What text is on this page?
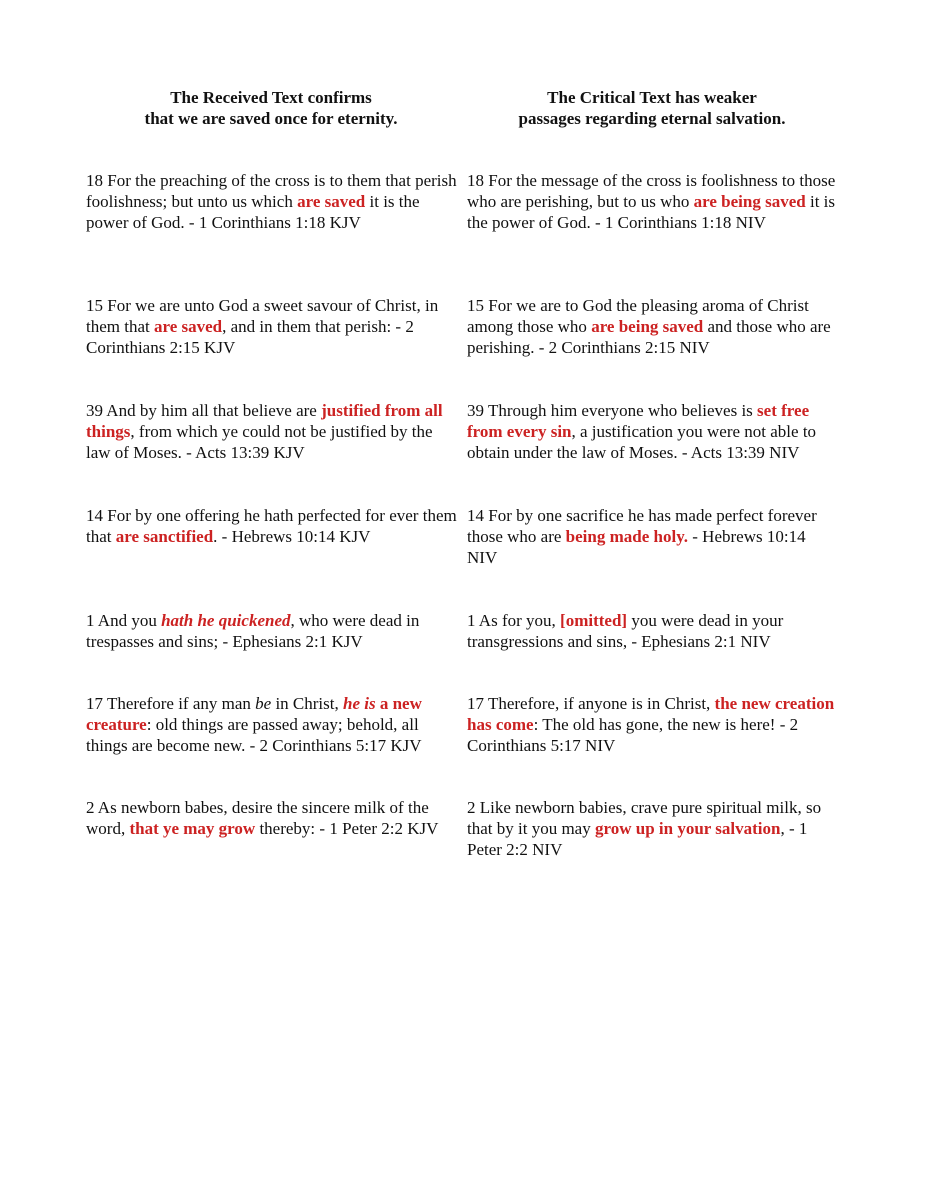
The Received Text confirms
that we are saved once for eternity.
The Critical Text has weaker
passages regarding eternal salvation.
18 For the preaching of the cross is to them that perish foolishness; but unto us which are saved it is the power of God. - 1 Corinthians 1:18 KJV
18 For the message of the cross is foolishness to those who are perishing, but to us who are being saved it is the power of God. - 1 Corinthians 1:18 NIV
15 For we are unto God a sweet savour of Christ, in them that are saved, and in them that perish: - 2 Corinthians 2:15 KJV
15 For we are to God the pleasing aroma of Christ among those who are being saved and those who are perishing. - 2 Corinthians 2:15 NIV
39 And by him all that believe are justified from all things, from which ye could not be justified by the law of Moses. - Acts 13:39 KJV
39 Through him everyone who believes is set free from every sin, a justification you were not able to obtain under the law of Moses. - Acts 13:39 NIV
14 For by one offering he hath perfected for ever them that are sanctified. - Hebrews 10:14 KJV
14 For by one sacrifice he has made perfect forever those who are being made holy. - Hebrews 10:14 NIV
1 And you hath he quickened, who were dead in trespasses and sins; - Ephesians 2:1 KJV
1 As for you, [omitted] you were dead in your transgressions and sins, - Ephesians 2:1 NIV
17 Therefore if any man be in Christ, he is a new creature: old things are passed away; behold, all things are become new. - 2 Corinthians 5:17 KJV
17 Therefore, if anyone is in Christ, the new creation has come: The old has gone, the new is here! - 2 Corinthians 5:17 NIV
2 As newborn babes, desire the sincere milk of the word, that ye may grow thereby: - 1 Peter 2:2 KJV
2 Like newborn babies, crave pure spiritual milk, so that by it you may grow up in your salvation, - 1 Peter 2:2 NIV
